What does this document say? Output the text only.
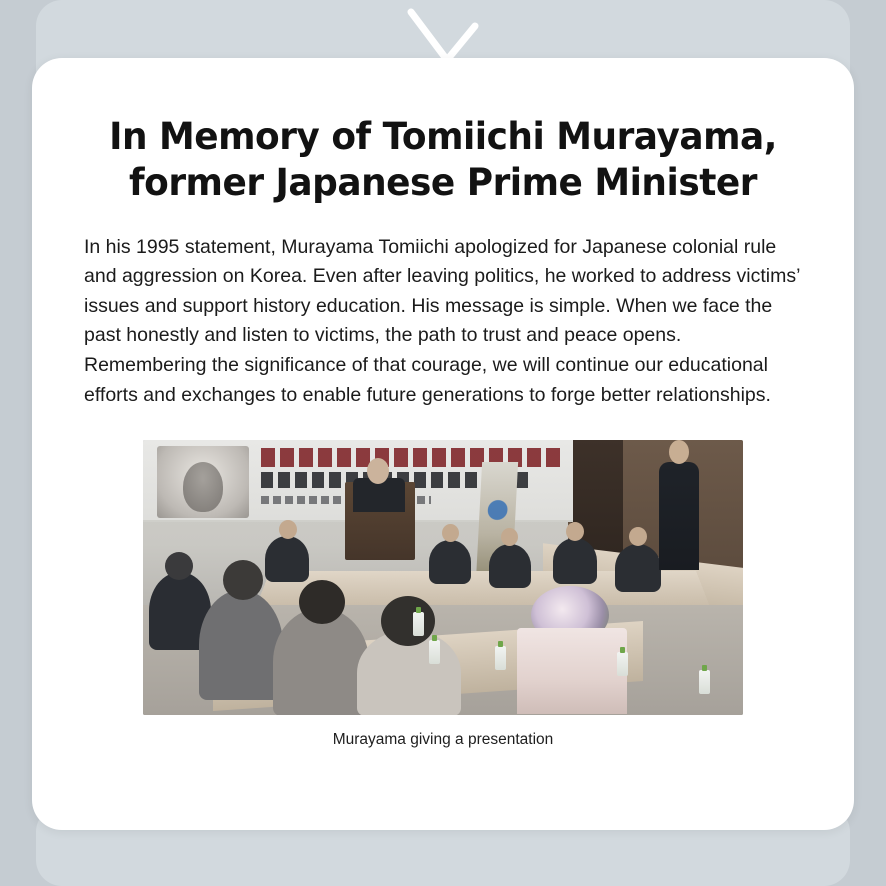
In Memory of Tomiichi Murayama,
former Japanese Prime Minister

In his 1995 statement, Murayama Tomiichi apologized for Japanese colonial rule and aggression on Korea. Even after leaving politics, he worked to address victims’ issues and support history education. His message is simple. When we face the past honestly and listen to victims, the path to trust and peace opens. Remembering the significance of that courage, we will continue our educational efforts and exchanges to enable future generations to forge better relationships.

Murayama giving a presentation
